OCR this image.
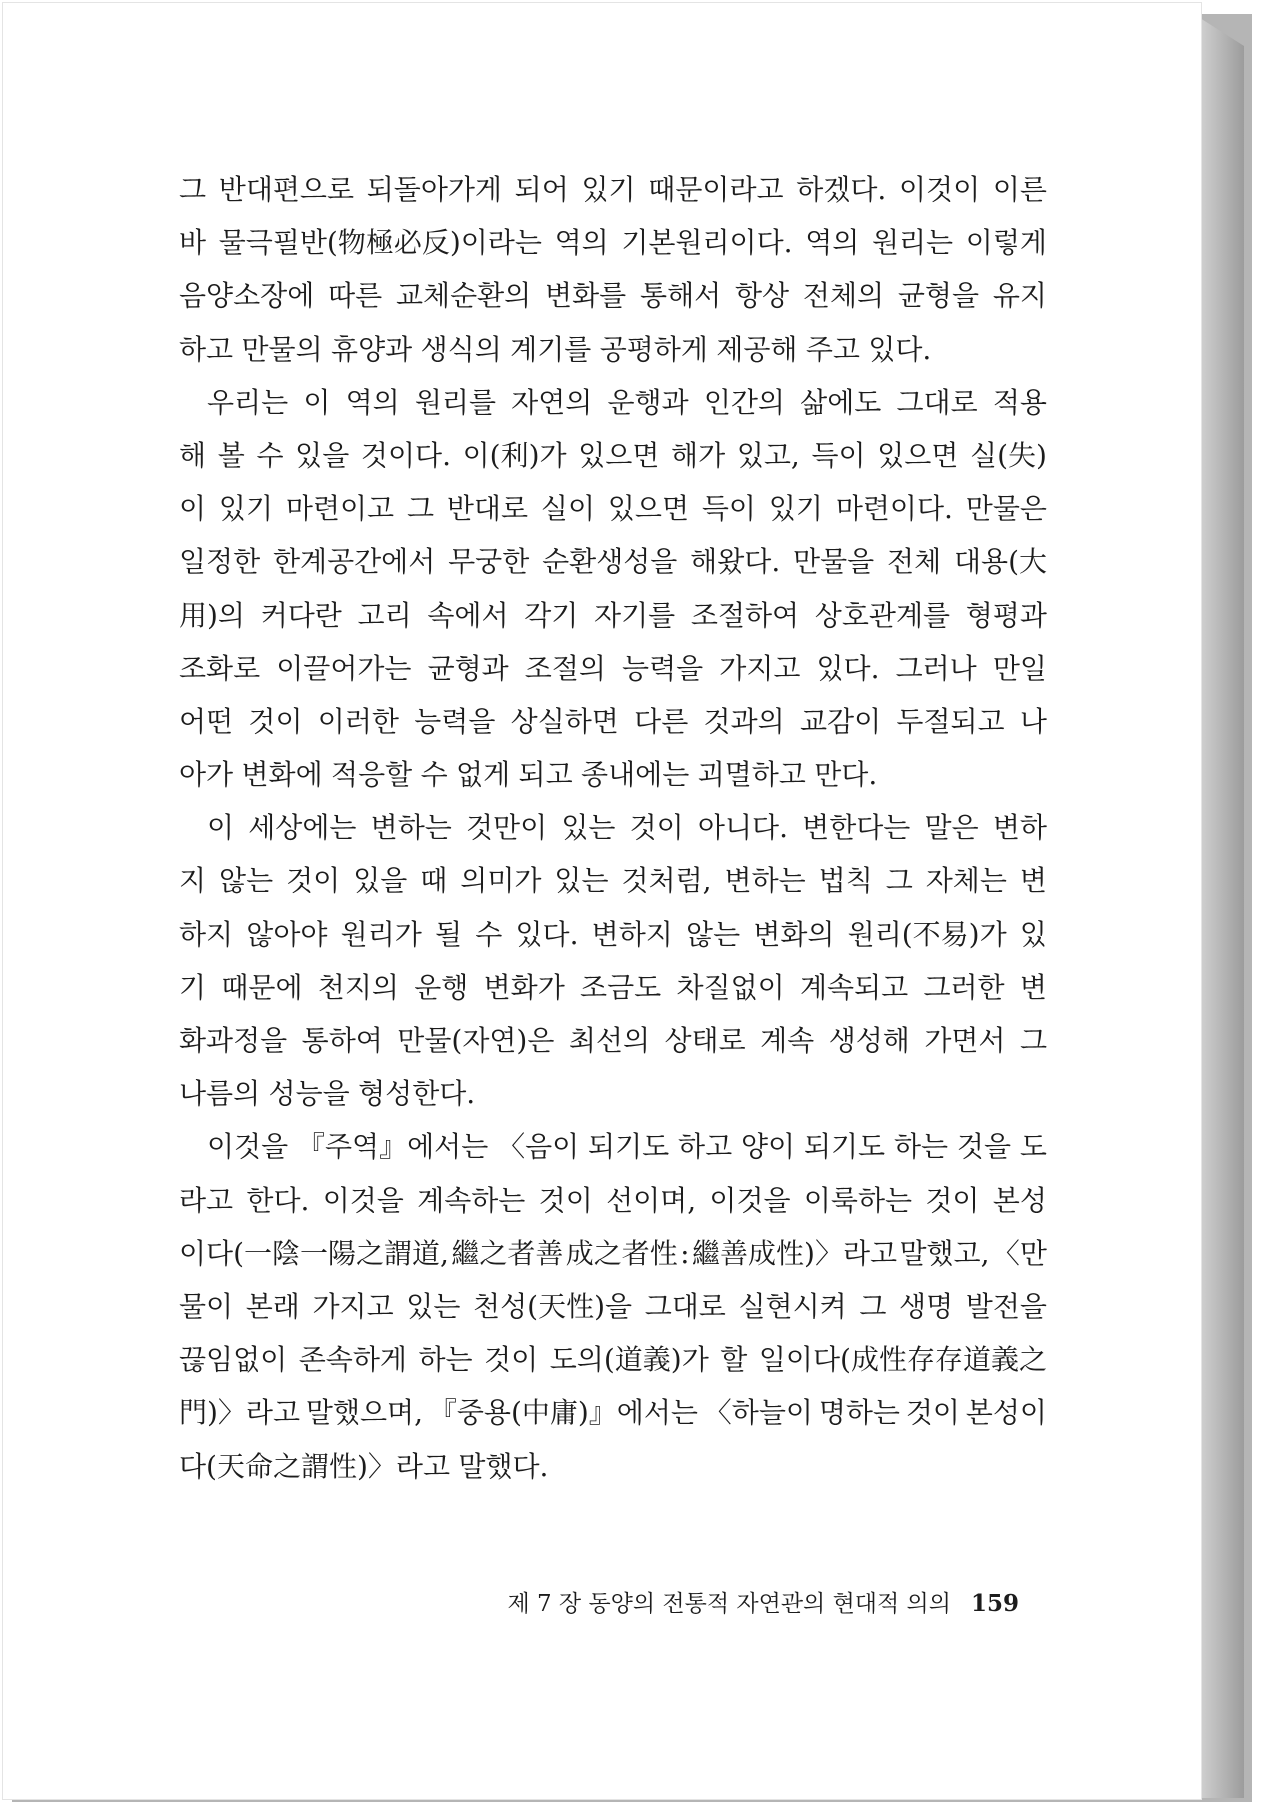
그 반대편으로 되돌아가게 되어 있기 때문이라고 하겠다. 이것이 이른
바 물극필반(物極必反)이라는 역의 기본원리이다. 역의 원리는 이렇게
음양소장에 따른 교체순환의 변화를 통해서 항상 전체의 균형을 유지
하고 만물의 휴양과 생식의 계기를 공평하게 제공해 주고 있다.
우리는 이 역의 원리를 자연의 운행과 인간의 삶에도 그대로 적용
해 볼 수 있을 것이다. 이(利)가 있으면 해가 있고, 득이 있으면 실(失)
이 있기 마련이고 그 반대로 실이 있으면 득이 있기 마련이다. 만물은
일정한 한계공간에서 무궁한 순환생성을 해왔다. 만물을 전체 대용(大
用)의 커다란 고리 속에서 각기 자기를 조절하여 상호관계를 형평과
조화로 이끌어가는 균형과 조절의 능력을 가지고 있다. 그러나 만일
어떤 것이 이러한 능력을 상실하면 다른 것과의 교감이 두절되고 나
아가 변화에 적응할 수 없게 되고 종내에는 괴멸하고 만다.
이 세상에는 변하는 것만이 있는 것이 아니다. 변한다는 말은 변하
지 않는 것이 있을 때 의미가 있는 것처럼, 변하는 법칙 그 자체는 변
하지 않아야 원리가 될 수 있다. 변하지 않는 변화의 원리(不易)가 있
기 때문에 천지의 운행 변화가 조금도 차질없이 계속되고 그러한 변
화과정을 통하여 만물(자연)은 최선의 상태로 계속 생성해 가면서 그
나름의 성능을 형성한다.
이것을 『주역』에서는 〈음이 되기도 하고 양이 되기도 하는 것을 도
라고 한다. 이것을 계속하는 것이 선이며, 이것을 이룩하는 것이 본성
이다(一陰一陽之謂道, 繼之者善 成之者性 : 繼善成性)〉라고 말했고, 〈만
물이 본래 가지고 있는 천성(天性)을 그대로 실현시켜 그 생명 발전을
끊임없이 존속하게 하는 것이 도의(道義)가 할 일이다(成性存存道義之
門)〉라고 말했으며, 『중용(中庸)』에서는 〈하늘이 명하는 것이 본성이
다(天命之謂性)〉라고 말했다.
제 7 장 동양의 전통적 자연관의 현대적 의의 159
